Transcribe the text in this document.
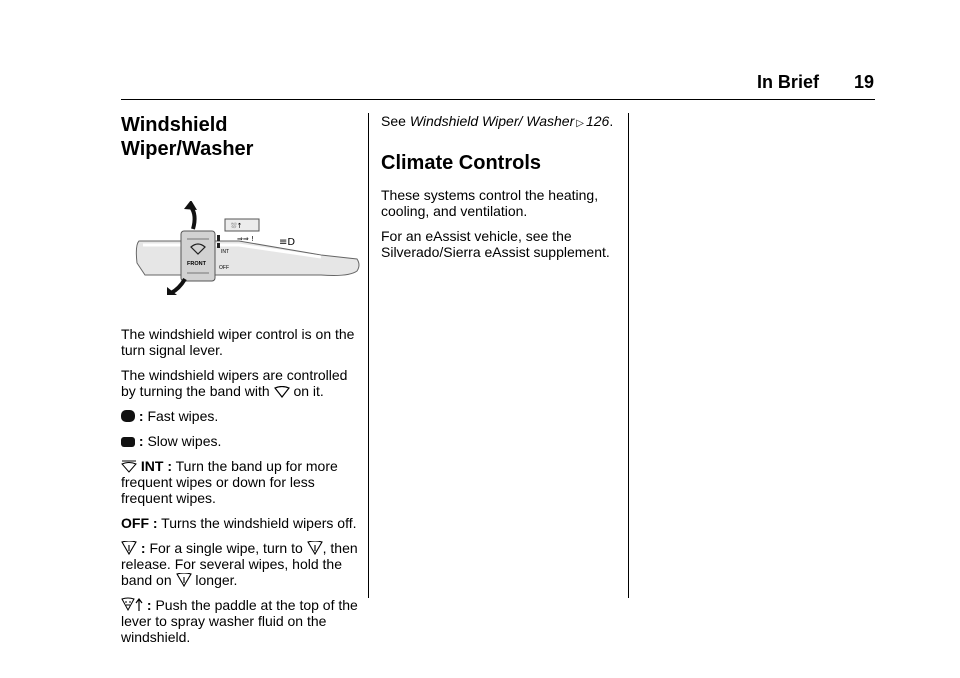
In Brief 19
Windshield Wiper/Washer
FRONT
⛆↑
INT
OFF
⇒⇒ !	≡D

The windshield wiper control is on the turn signal lever.

The windshield wipers are controlled by turning the band with on it.

: Fast wipes.

: Slow wipes.

INT : Turn the band up for more frequent wipes or down for less frequent wipes.

OFF : Turns the windshield wipers off.

: For a single wipe, turn to , then release. For several wipes, hold the band on longer.

: Push the paddle at the top of the lever to spray washer fluid on the windshield.

See Windshield Wiper/ Washer ▷ 126.

Climate Controls

These systems control the heating, cooling, and ventilation.

For an eAssist vehicle, see the Silverado/Sierra eAssist supplement.
